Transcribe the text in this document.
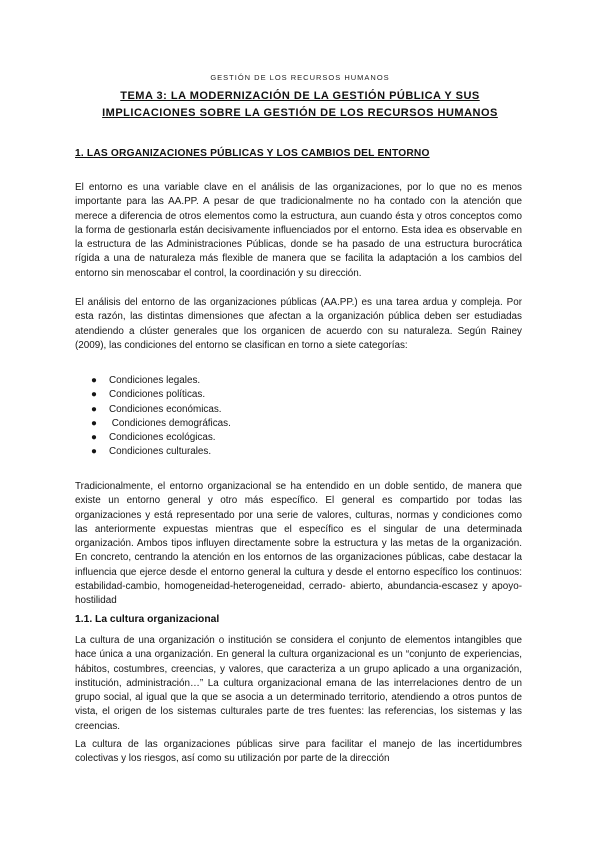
GESTIÓN DE LOS RECURSOS HUMANOS
TEMA 3: LA MODERNIZACIÓN DE LA GESTIÓN PÚBLICA Y SUS IMPLICACIONES SOBRE LA GESTIÓN DE LOS RECURSOS HUMANOS
1. LAS ORGANIZACIONES PÚBLICAS Y LOS CAMBIOS DEL ENTORNO

El entorno es una variable clave en el análisis de las organizaciones, por lo que no es menos importante para las AA.PP. A pesar de que tradicionalmente no ha contado con la atención que merece a diferencia de otros elementos como la estructura, aun cuando ésta y otros conceptos como la forma de gestionarla están decisivamente influenciados por el entorno. Esta idea es observable en la estructura de las Administraciones Públicas, donde se ha pasado de una estructura burocrática rígida a una de naturaleza más flexible de manera que se facilita la adaptación a los cambios del entorno sin menoscabar el control, la coordinación y su dirección.

El análisis del entorno de las organizaciones públicas (AA.PP.) es una tarea ardua y compleja. Por esta razón, las distintas dimensiones que afectan a la organización pública deben ser estudiadas atendiendo a clúster generales que los organicen de acuerdo con su naturaleza. Según Rainey (2009), las condiciones del entorno se clasifican en torno a siete categorías:

● Condiciones legales.
● Condiciones políticas.
● Condiciones económicas.
● Condiciones demográficas.
● Condiciones ecológicas.
● Condiciones culturales.

Tradicionalmente, el entorno organizacional se ha entendido en un doble sentido, de manera que existe un entorno general y otro más específico. El general es compartido por todas las organizaciones y está representado por una serie de valores, culturas, normas y condiciones como las anteriormente expuestas mientras que el específico es el singular de una determinada organización. Ambos tipos influyen directamente sobre la estructura y las metas de la organización. En concreto, centrando la atención en los entornos de las organizaciones públicas, cabe destacar la influencia que ejerce desde el entorno general la cultura y desde el entorno específico los continuos: estabilidad-cambio, homogeneidad-heterogeneidad, cerrado- abierto, abundancia-escasez y apoyo-hostilidad

1.1. La cultura organizacional

La cultura de una organización o institución se considera el conjunto de elementos intangibles que hace única a una organización. En general la cultura organizacional es un “conjunto de experiencias, hábitos, costumbres, creencias, y valores, que caracteriza a un grupo aplicado a una organización, institución, administración…” La cultura organizacional emana de las interrelaciones dentro de un grupo social, al igual que la que se asocia a un determinado territorio, atendiendo a otros puntos de vista, el origen de los sistemas culturales parte de tres fuentes: las referencias, los sistemas y las creencias.

La cultura de las organizaciones públicas sirve para facilitar el manejo de las incertidumbres colectivas y los riesgos, así como su utilización por parte de la dirección
